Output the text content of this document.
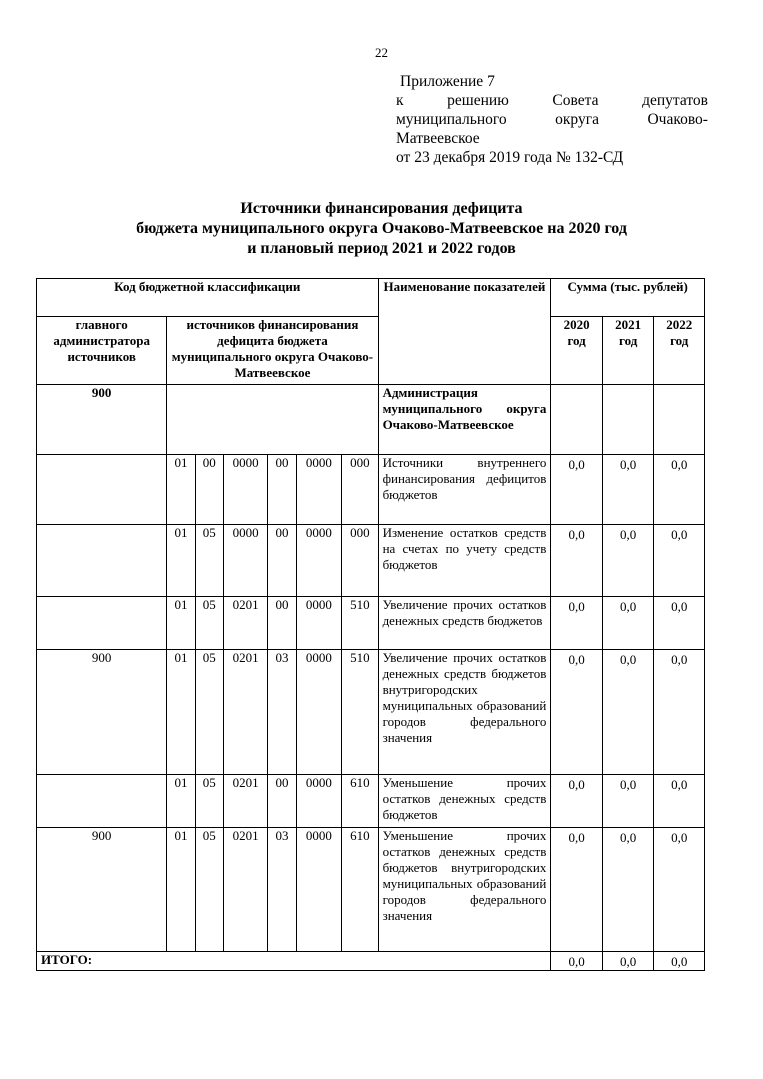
22
Приложение 7
к	решению	Совета	депутатов
муниципального	округа	Очаково-
Матвеевское
от 23 декабря 2019 года № 132-СД
Источники финансирования дефицита
бюджета муниципального округа Очаково-Матвеевское на 2020 год
и плановый период 2021 и 2022 годов
Код бюджетной классификации							Наименование показателей	Сумма (тыс. рублей)		
главного администратора источников	источников финансирования дефицита бюджета муниципального округа Очаково-Матвеевское							2020 год	2021 год	2022 год

900							Администрация муниципального округа Очаково-Матвеевское			
	01	00	0000	00	0000	000	Источники внутреннего финансирования дефицитов бюджетов	0,0	0,0	0,0
	01	05	0000	00	0000	000	Изменение остатков средств на счетах по учету средств бюджетов	0,0	0,0	0,0
	01	05	0201	00	0000	510	Увеличение прочих остатков денежных средств бюджетов	0,0	0,0	0,0
900	01	05	0201	03	0000	510	Увеличение прочих остатков денежных средств бюджетов внутригородских муниципальных образований городов федерального значения	0,0	0,0	0,0
	01	05	0201	00	0000	610	Уменьшение прочих остатков денежных средств бюджетов	0,0	0,0	0,0
900	01	05	0201	03	0000	610	Уменьшение прочих остатков денежных средств бюджетов внутригородских муниципальных образований городов федерального значения	0,0	0,0	0,0
ИТОГО:								0,0	0,0	0,0
